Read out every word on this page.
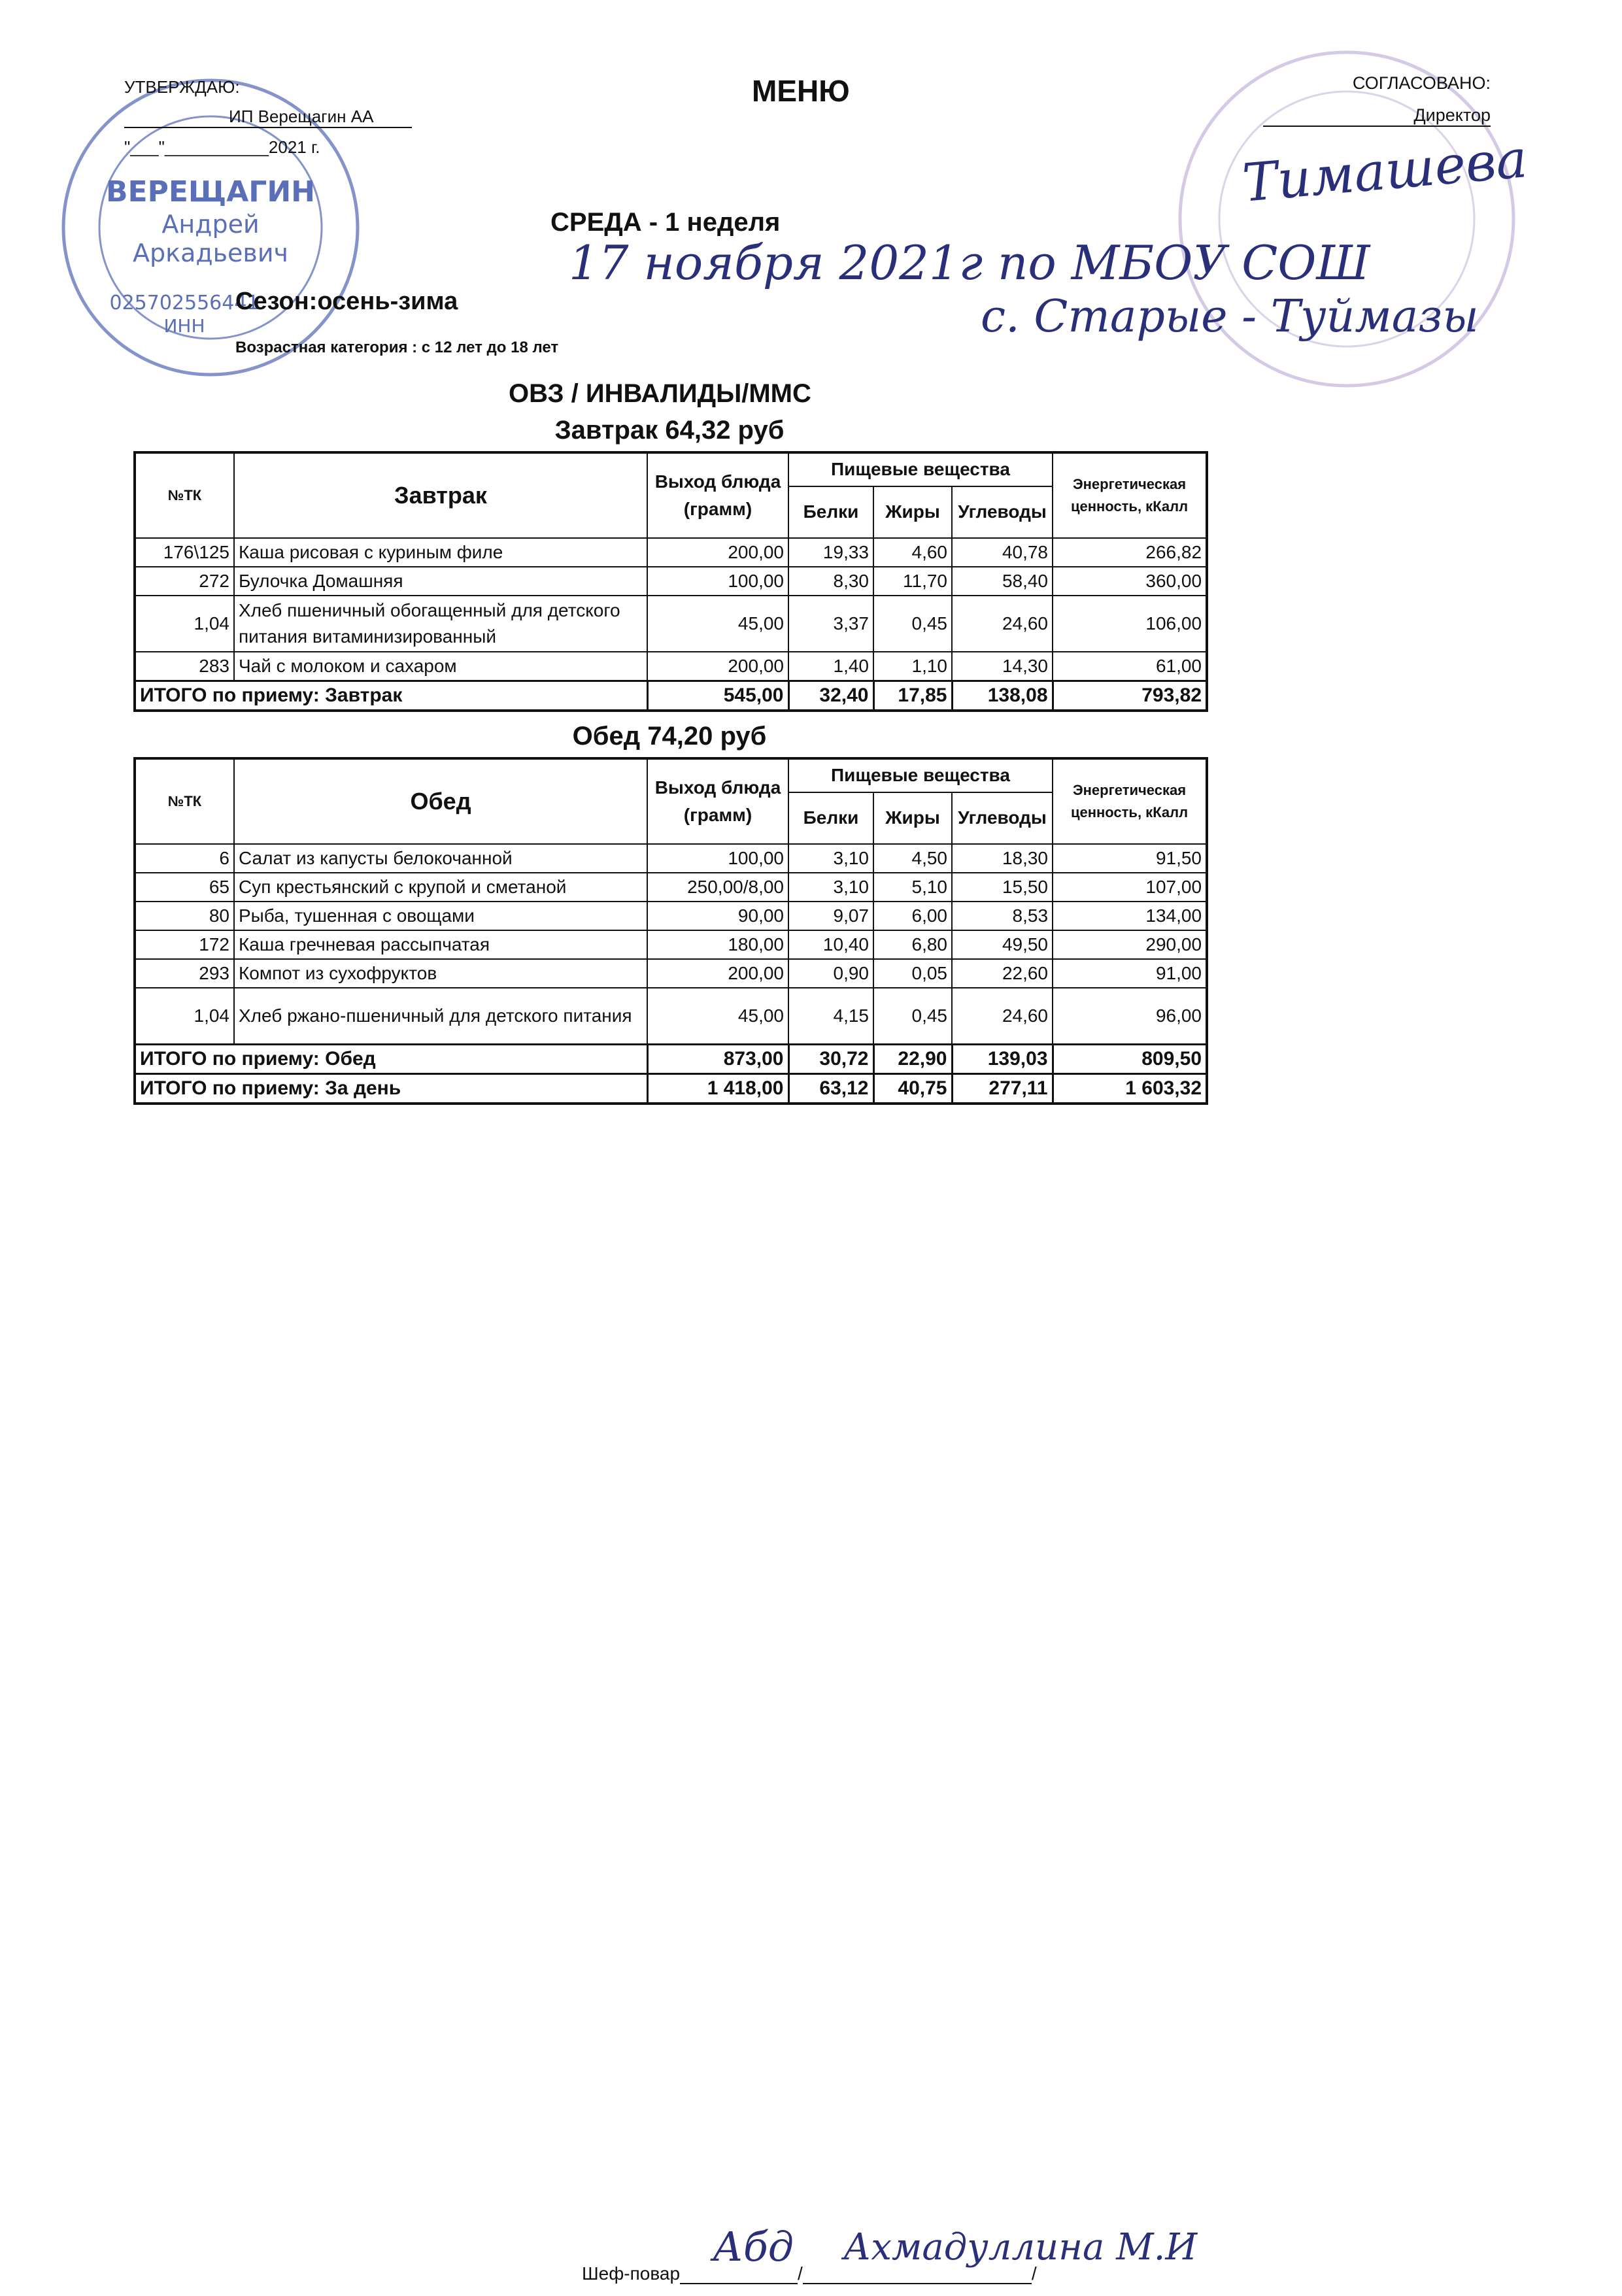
ВЕРЕЩАГИН
Андрей
Аркадьевич
025702556441
ИНН
УТВЕРЖДАЮ:
ИП Верещагин АА
"___"___________2021 г.
МЕНЮ	СОГЛАСОВАНО:
Директор
Тимашева
СРЕДА - 1 неделя
17 ноября 2021г по МБОУ СОШ
с. Старые - Туймазы
Сезон:осень-зима
Возрастная категория : с 12 лет до 18 лет
ОВЗ / ИНВАЛИДЫ/ММС
Завтрак 64,32 руб
№ТК	Завтрак	Выход блюда (грамм)	Пищевые вещества			Энергетическая ценность, кКалл
			Белки	Жиры	Углеводы	
176\125	Каша рисовая с куриным филе	200,00	19,33	4,60	40,78	266,82
272	Булочка Домашняя	100,00	8,30	11,70	58,40	360,00
1,04	Хлеб пшеничный обогащенный для детского питания витаминизированный	45,00	3,37	0,45	24,60	106,00
283	Чай с молоком и сахаром	200,00	1,40	1,10	14,30	61,00
ИТОГО по приему: Завтрак		545,00	32,40	17,85	138,08	793,82
Обед 74,20 руб
№ТК	Обед	Выход блюда (грамм)	Пищевые вещества			Энергетическая ценность, кКалл
			Белки	Жиры	Углеводы	
6	Салат из капусты белокочанной	100,00	3,10	4,50	18,30	91,50
65	Суп крестьянский с крупой и сметаной	250,00/8,00	3,10	5,10	15,50	107,00
80	Рыба, тушенная с овощами	90,00	9,07	6,00	8,53	134,00
172	Каша гречневая рассыпчатая	180,00	10,40	6,80	49,50	290,00
293	Компот из сухофруктов	200,00	0,90	0,05	22,60	91,00
1,04	Хлеб ржано-пшеничный для детского питания	45,00	4,15	0,45	24,60	96,00
ИТОГО по приему: Обед		873,00	30,72	22,90	139,03	809,50
ИТОГО по приему: За день		1 418,00	63,12	40,75	277,11	1 603,32
Шеф-повар	/	/
Абд Ахмадуллина М.И
